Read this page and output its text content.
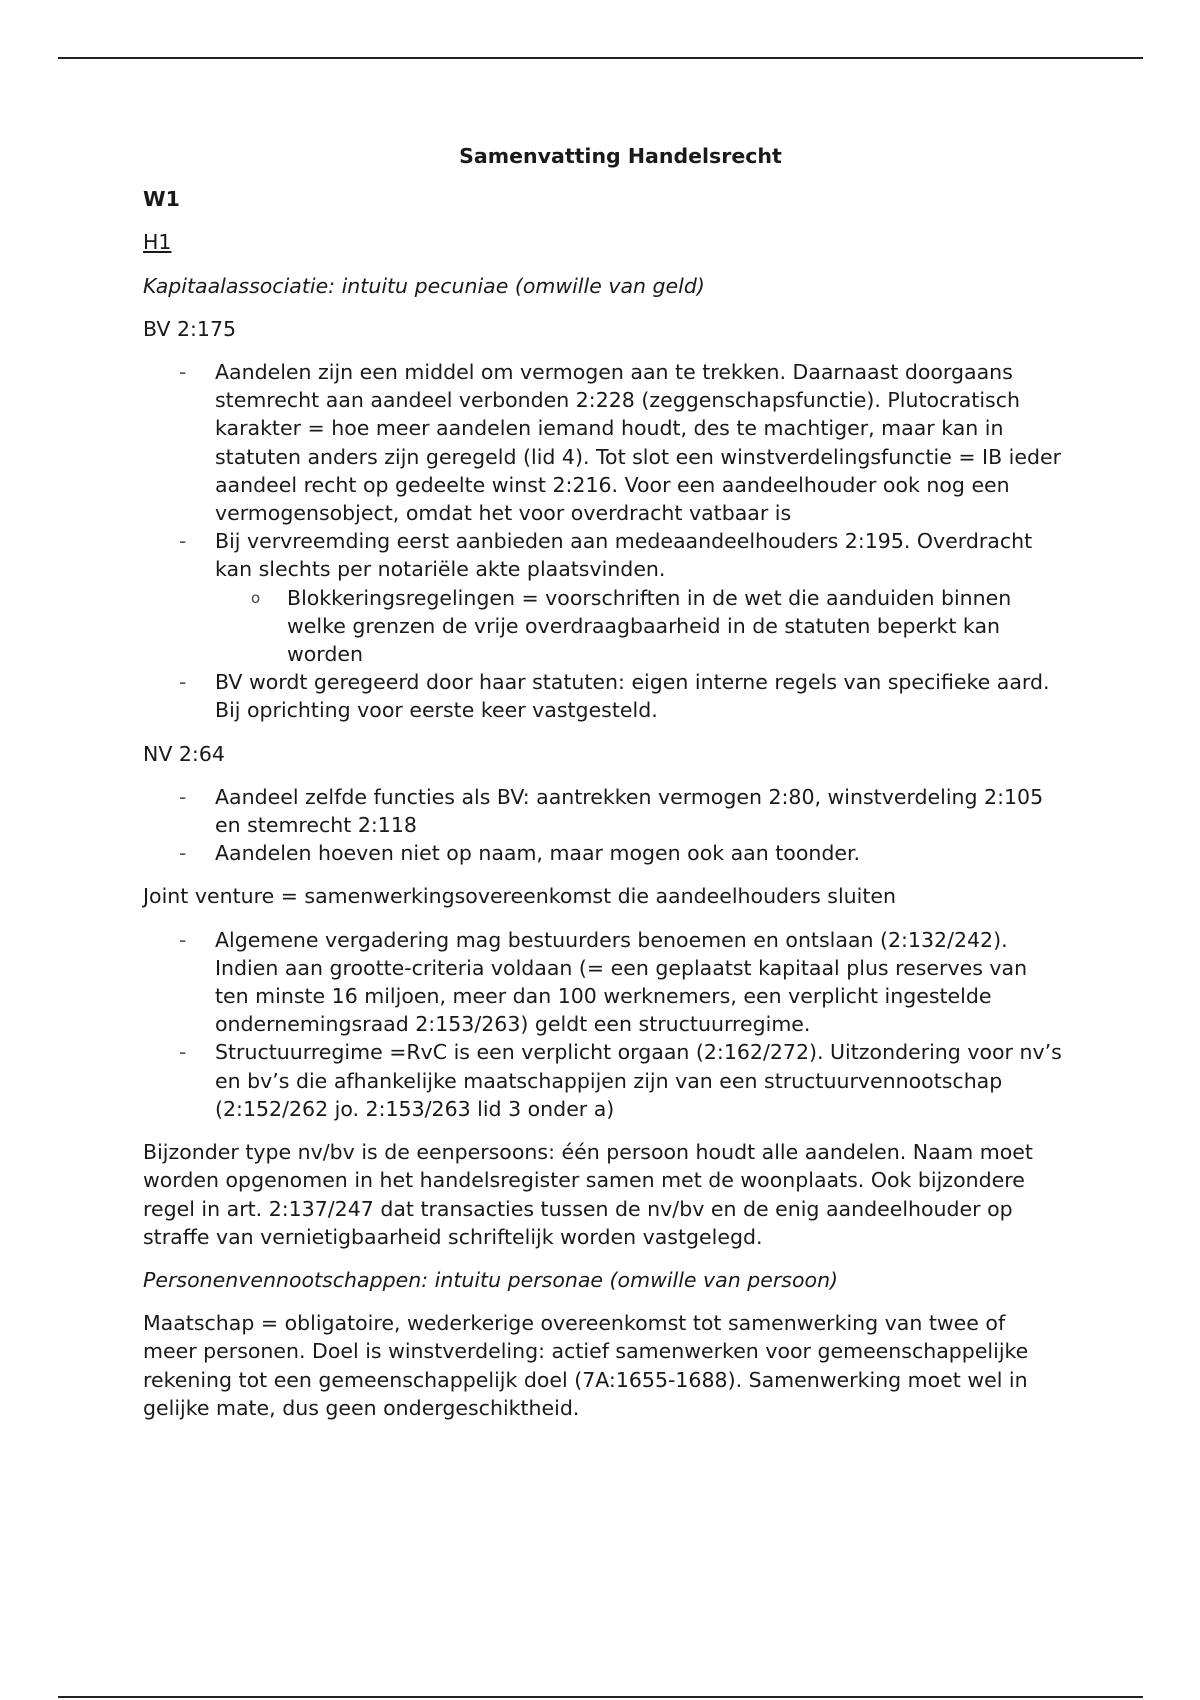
Samenvatting Handelsrecht
W1
H1
Kapitaalassociatie: intuitu pecuniae (omwille van geld)
BV 2:175
-	Aandelen zijn een middel om vermogen aan te trekken. Daarnaast doorgaans stemrecht aan aandeel verbonden 2:228 (zeggenschapsfunctie). Plutocratisch karakter = hoe meer aandelen iemand houdt, des te machtiger, maar kan in statuten anders zijn geregeld (lid 4). Tot slot een winstverdelingsfunctie = IB ieder aandeel recht op gedeelte winst 2:216. Voor een aandeelhouder ook nog een vermogensobject, omdat het voor overdracht vatbaar is
-	Bij vervreemding eerst aanbieden aan medeaandeelhouders 2:195. Overdracht kan slechts per notariële akte plaatsvinden.
o Blokkeringsregelingen = voorschriften in de wet die aanduiden binnen welke grenzen de vrije overdraagbaarheid in de statuten beperkt kan worden
-	BV wordt geregeerd door haar statuten: eigen interne regels van specifieke aard. Bij oprichting voor eerste keer vastgesteld.
NV 2:64
-	Aandeel zelfde functies als BV: aantrekken vermogen 2:80, winstverdeling 2:105 en stemrecht 2:118
-	Aandelen hoeven niet op naam, maar mogen ook aan toonder.
Joint venture = samenwerkingsovereenkomst die aandeelhouders sluiten
-	Algemene vergadering mag bestuurders benoemen en ontslaan (2:132/242). Indien aan grootte-criteria voldaan (= een geplaatst kapitaal plus reserves van ten minste 16 miljoen, meer dan 100 werknemers, een verplicht ingestelde ondernemingsraad 2:153/263) geldt een structuurregime.
-	Structuurregime =RvC is een verplicht orgaan (2:162/272). Uitzondering voor nv’s en bv’s die afhankelijke maatschappijen zijn van een structuurvennootschap (2:152/262 jo. 2:153/263 lid 3 onder a)
Bijzonder type nv/bv is de eenpersoons: één persoon houdt alle aandelen. Naam moet worden opgenomen in het handelsregister samen met de woonplaats. Ook bijzondere regel in art. 2:137/247 dat transacties tussen de nv/bv en de enig aandeelhouder op straffe van vernietigbaarheid schriftelijk worden vastgelegd.
Personenvennootschappen: intuitu personae (omwille van persoon)
Maatschap = obligatoire, wederkerige overeenkomst tot samenwerking van twee of meer personen. Doel is winstverdeling: actief samenwerken voor gemeenschappelijke rekening tot een gemeenschappelijk doel (7A:1655-1688). Samenwerking moet wel in gelijke mate, dus geen ondergeschiktheid.
